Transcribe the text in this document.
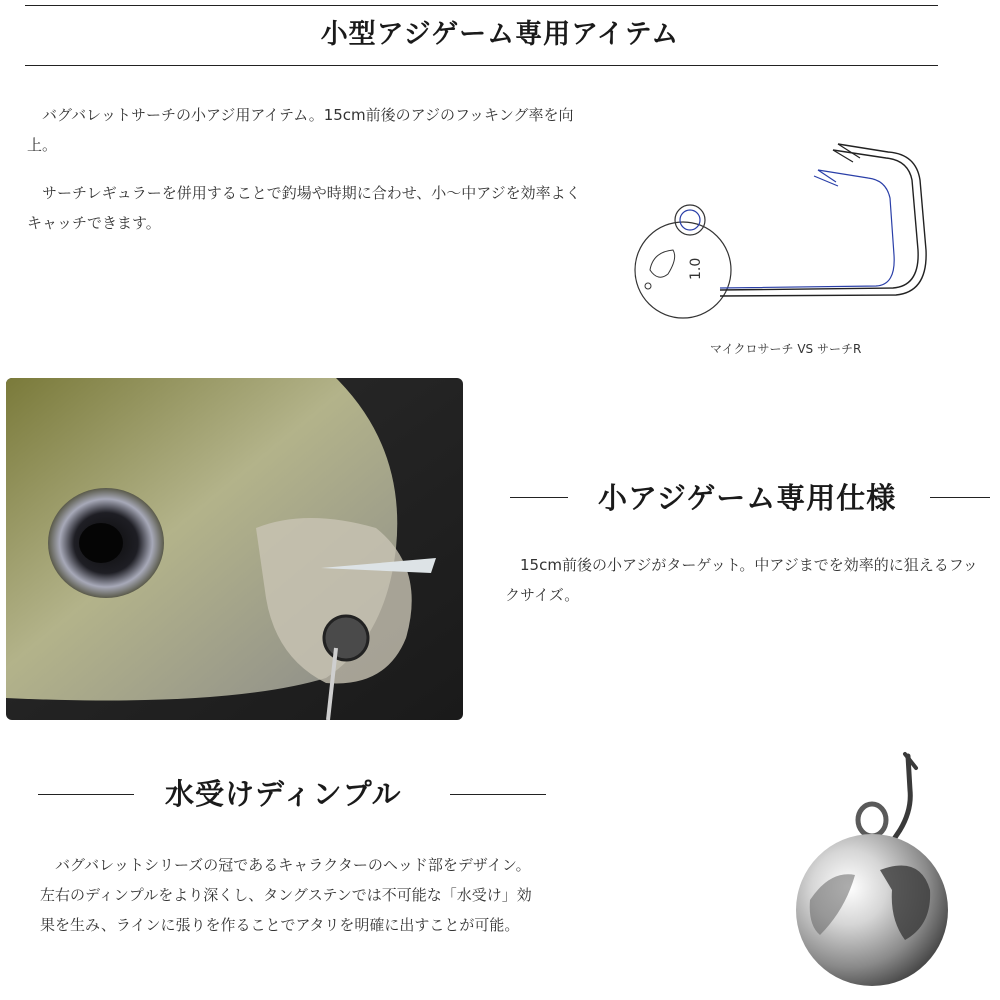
小型アジゲーム専用アイテム

　バグバレットサーチの小アジ用アイテム。15cm前後のアジのフッキング率を向上。

　サーチレギュラーを併用することで釣場や時期に合わせ、小～中アジを効率よくキャッチできます。

1.0

マイクロサーチ VS サーチR

小アジゲーム専用仕様

　15cm前後の小アジがターゲット。中アジまでを効率的に狙えるフックサイズ。

水受けディンプル

　バグバレットシリーズの冠であるキャラクターのヘッド部をデザイン。左右のディンプルをより深くし、タングステンでは不可能な「水受け」効果を生み、ラインに張りを作ることでアタリを明確に出すことが可能。
